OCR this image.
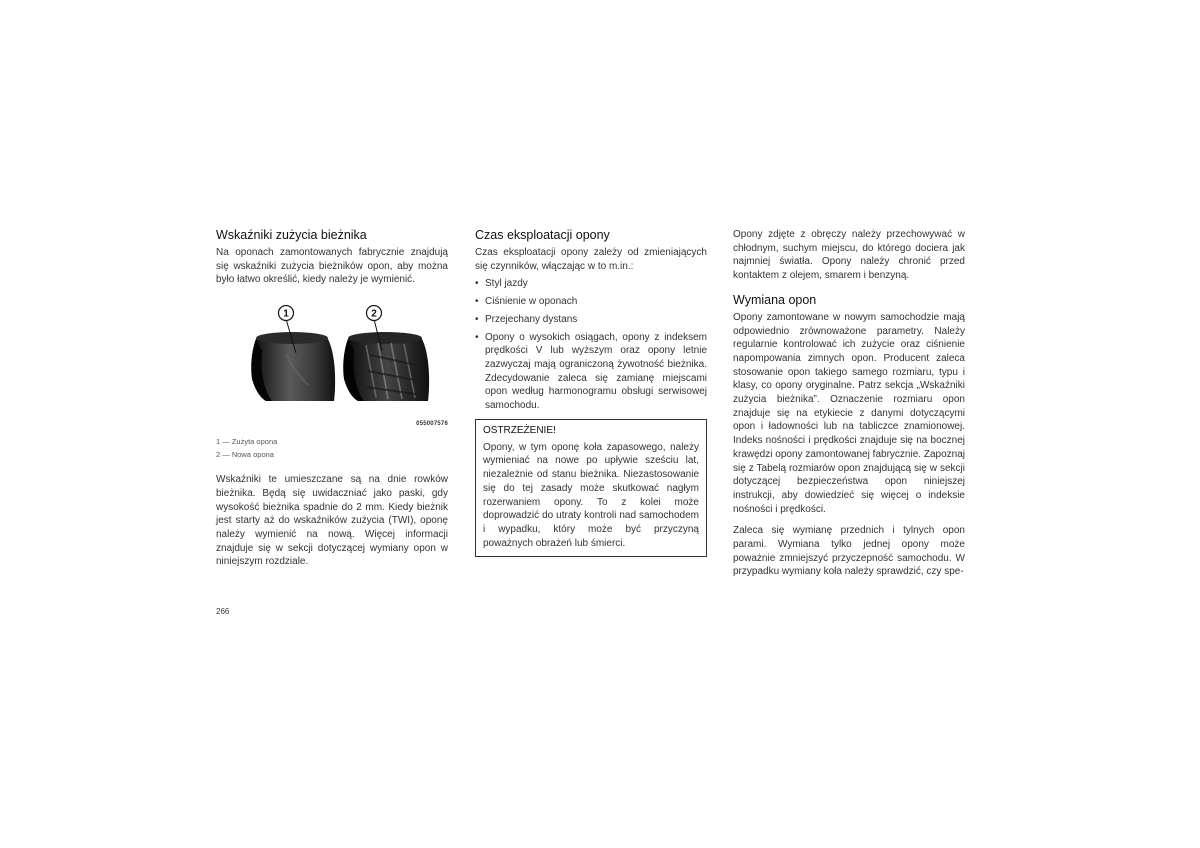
Wskaźniki zużycia bieżnika

Na oponach zamontowanych fabrycznie znajdują się wskaźniki zużycia bieżników opon, aby można było łatwo określić, kiedy należy je wymienić.

1	2
055007576
1 — Zużyta opona
2 — Nowa opona

Wskaźniki te umieszczane są na dnie rowków bieżnika. Będą się uwidaczniać jako paski, gdy wysokość bieżnika spadnie do 2 mm. Kiedy bieżnik jest starty aż do wskaźników zużycia (TWI), oponę należy wymienić na nową. Więcej informacji znajduje się w sekcji dotyczącej wymiany opon w niniejszym rozdziale.

Czas eksploatacji opony

Czas eksploatacji opony zależy od zmieniających się czynników, włączając w to m.in.:

• Styl jazdy
• Ciśnienie w oponach
• Przejechany dystans
• Opony o wysokich osiągach, opony z indeksem prędkości V lub wyższym oraz opony letnie zazwyczaj mają ograniczoną żywotność bieżnika. Zdecydowanie zaleca się zamianę miejscami opon według harmonogramu obsługi serwisowej samochodu.
OSTRZEŻENIE!

Opony, w tym oponę koła zapasowego, należy wymieniać na nowe po upływie sześciu lat, niezależnie od stanu bieżnika. Niezastosowanie się do tej zasady może skutkować nagłym rozerwaniem opony. To z kolei może doprowadzić do utraty kontroli nad samochodem i wypadku, który może być przyczyną poważnych obrażeń lub śmierci.

Opony zdjęte z obręczy należy przechowywać w chłodnym, suchym miejscu, do którego dociera jak najmniej światła. Opony należy chronić przed kontaktem z olejem, smarem i benzyną.

Wymiana opon

Opony zamontowane w nowym samochodzie mają odpowiednio zrównoważone parametry. Należy regularnie kontrolować ich zużycie oraz ciśnienie napompowania zimnych opon. Producent zaleca stosowanie opon takiego samego rozmiaru, typu i klasy, co opony oryginalne. Patrz sekcja „Wskaźniki zużycia bieżnika”. Oznaczenie rozmiaru opon znajduje się na etykiecie z danymi dotyczącymi opon i ładowności lub na tabliczce znamionowej. Indeks nośności i prędkości znajduje się na bocznej krawędzi opony zamontowanej fabrycznie. Zapoznaj się z Tabelą rozmiarów opon znajdującą się w sekcji dotyczącej bezpieczeństwa opon niniejszej instrukcji, aby dowiedzieć się więcej o indeksie nośności i prędkości.

Zaleca się wymianę przednich i tylnych opon parami. Wymiana tylko jednej opony może poważnie zmniejszyć przyczepność samochodu. W przypadku wymiany koła należy sprawdzić, czy spe-

266
